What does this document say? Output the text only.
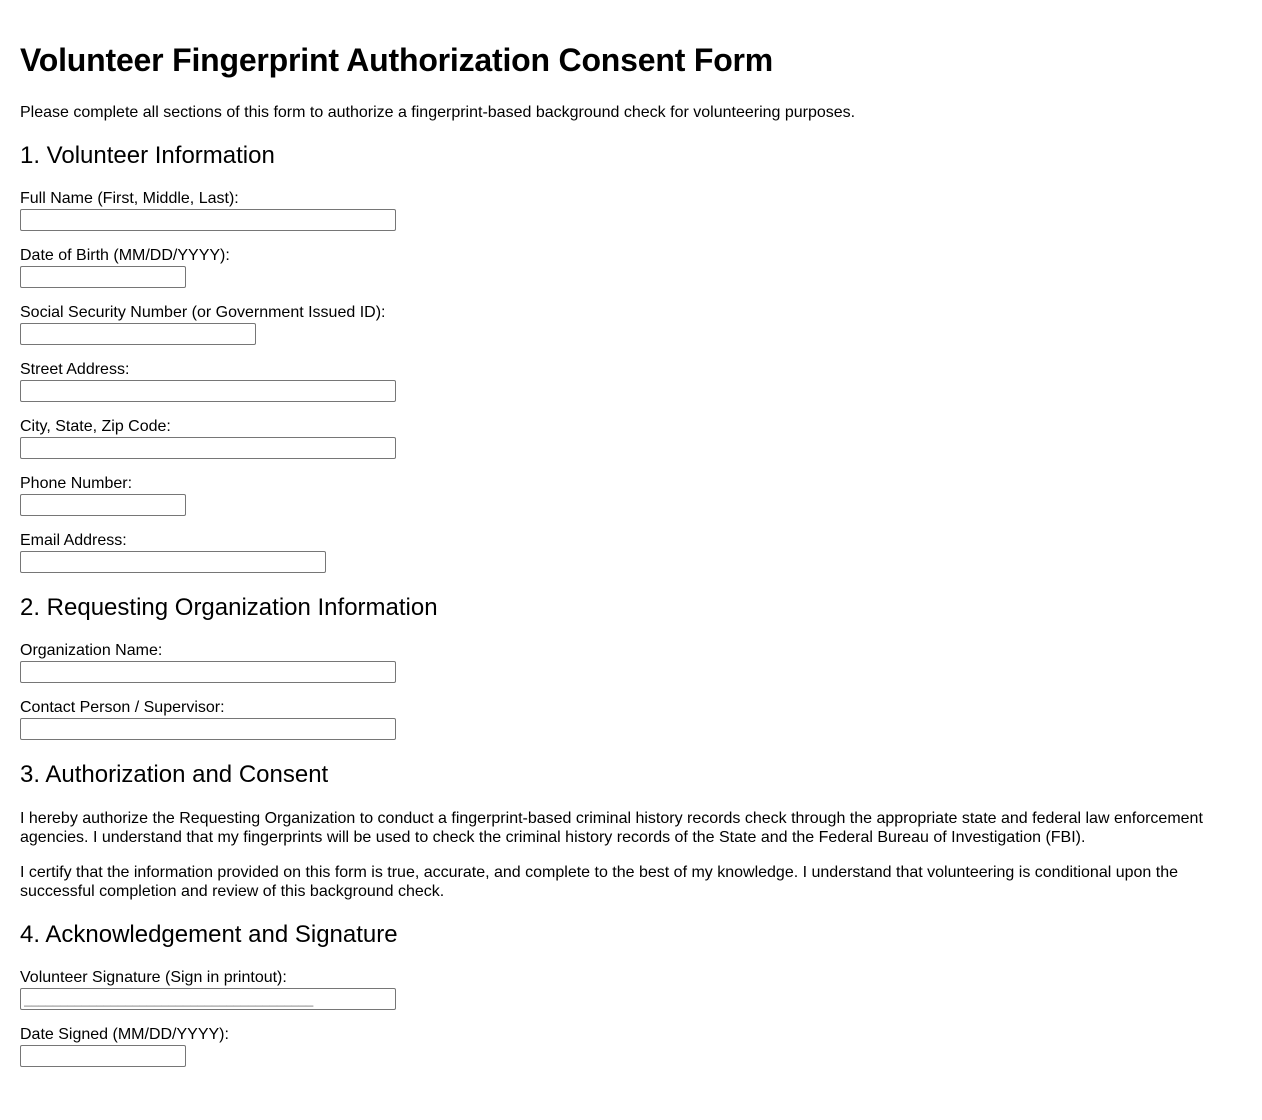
Volunteer Fingerprint Authorization Consent Form

Please complete all sections of this form to authorize a fingerprint-based background check for volunteering purposes.

1. Volunteer Information
Full Name (First, Middle, Last):
Date of Birth (MM/DD/YYYY):
Social Security Number (or Government Issued ID):
Street Address:
City, State, Zip Code:
Phone Number:
Email Address:
2. Requesting Organization Information
Organization Name:
Contact Person / Supervisor:
3. Authorization and Consent

I hereby authorize the Requesting Organization to conduct a fingerprint-based criminal history records check through the appropriate state and federal law enforcement agencies. I understand that my fingerprints will be used to check the criminal history records of the State and the Federal Bureau of Investigation (FBI).

I certify that the information provided on this form is true, accurate, and complete to the best of my knowledge. I understand that volunteering is conditional upon the successful completion and review of this background check.

4. Acknowledgement and Signature
Volunteer Signature (Sign in printout):
________________________________________
Date Signed (MM/DD/YYYY):
